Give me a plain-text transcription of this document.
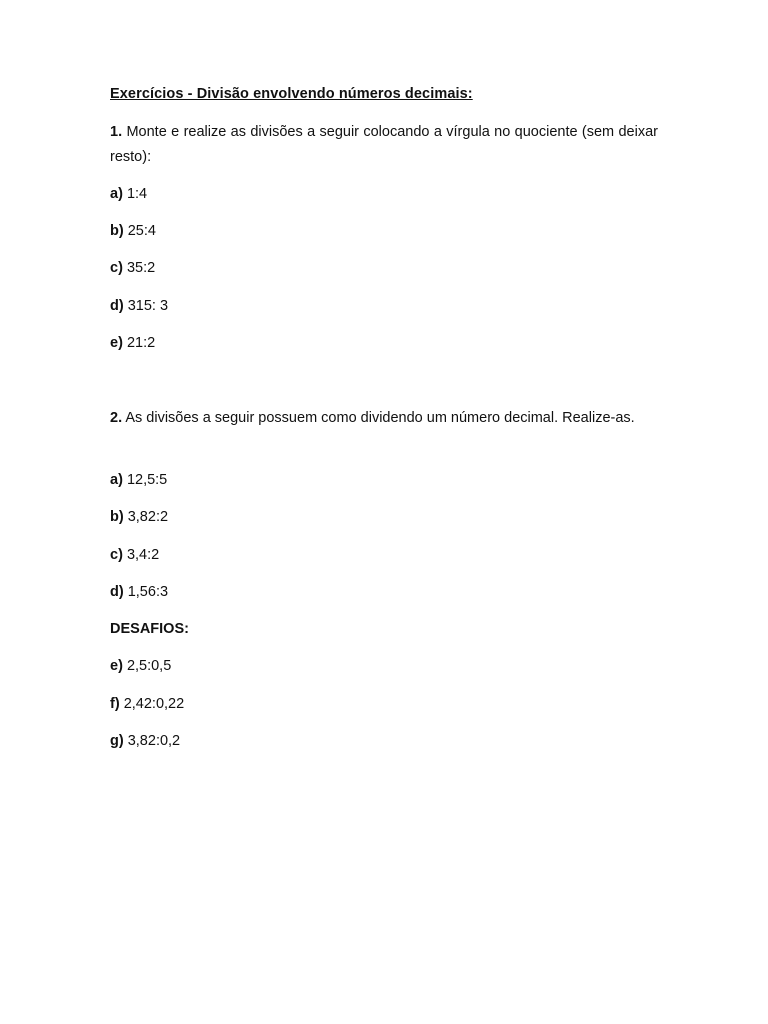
Exercícios - Divisão envolvendo números decimais:
1. Monte e realize as divisões a seguir colocando a vírgula no quociente (sem deixar resto):
a) 1:4
b) 25:4
c) 35:2
d) 315: 3
e) 21:2
2. As divisões a seguir possuem como dividendo um número decimal. Realize-as.
a) 12,5:5
b) 3,82:2
c) 3,4:2
d) 1,56:3
DESAFIOS:
e) 2,5:0,5
f) 2,42:0,22
g) 3,82:0,2
